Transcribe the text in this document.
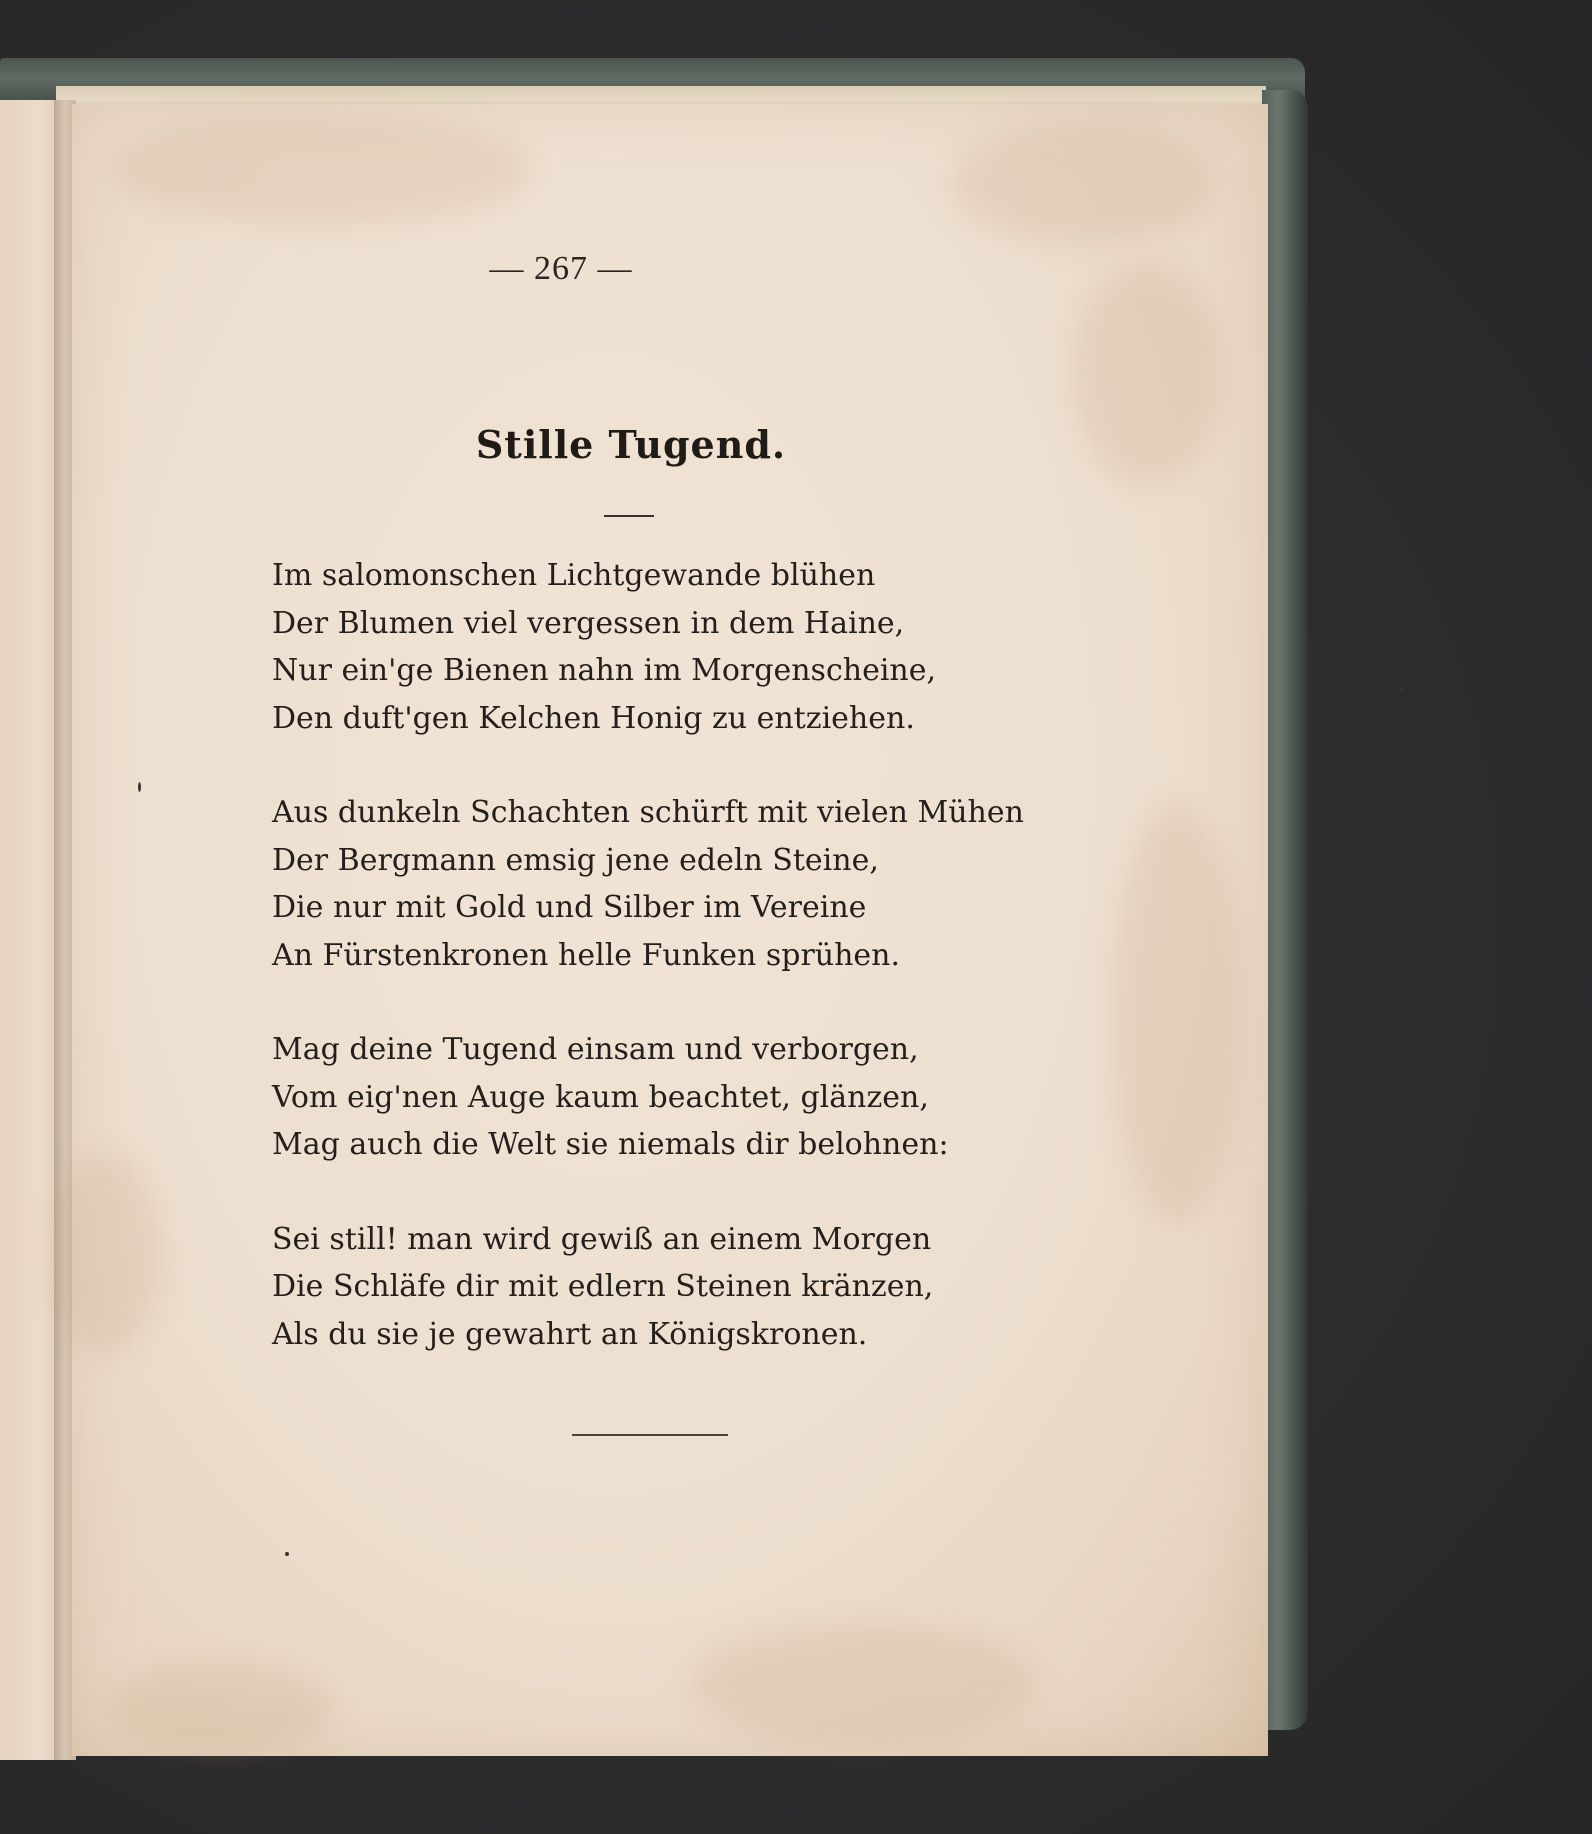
— 267 —
Stille Tugend.
Im salomonschen Lichtgewande blühen
Der Blumen viel vergessen in dem Haine,
Nur ein'ge Bienen nahn im Morgenscheine,
Den duft'gen Kelchen Honig zu entziehen.
Aus dunkeln Schachten schürft mit vielen Mühen
Der Bergmann emsig jene edeln Steine,
Die nur mit Gold und Silber im Vereine
An Fürstenkronen helle Funken sprühen.
Mag deine Tugend einsam und verborgen,
Vom eig'nen Auge kaum beachtet, glänzen,
Mag auch die Welt sie niemals dir belohnen:
Sei still! man wird gewiß an einem Morgen
Die Schläfe dir mit edlern Steinen kränzen,
Als du sie je gewahrt an Königskronen.
